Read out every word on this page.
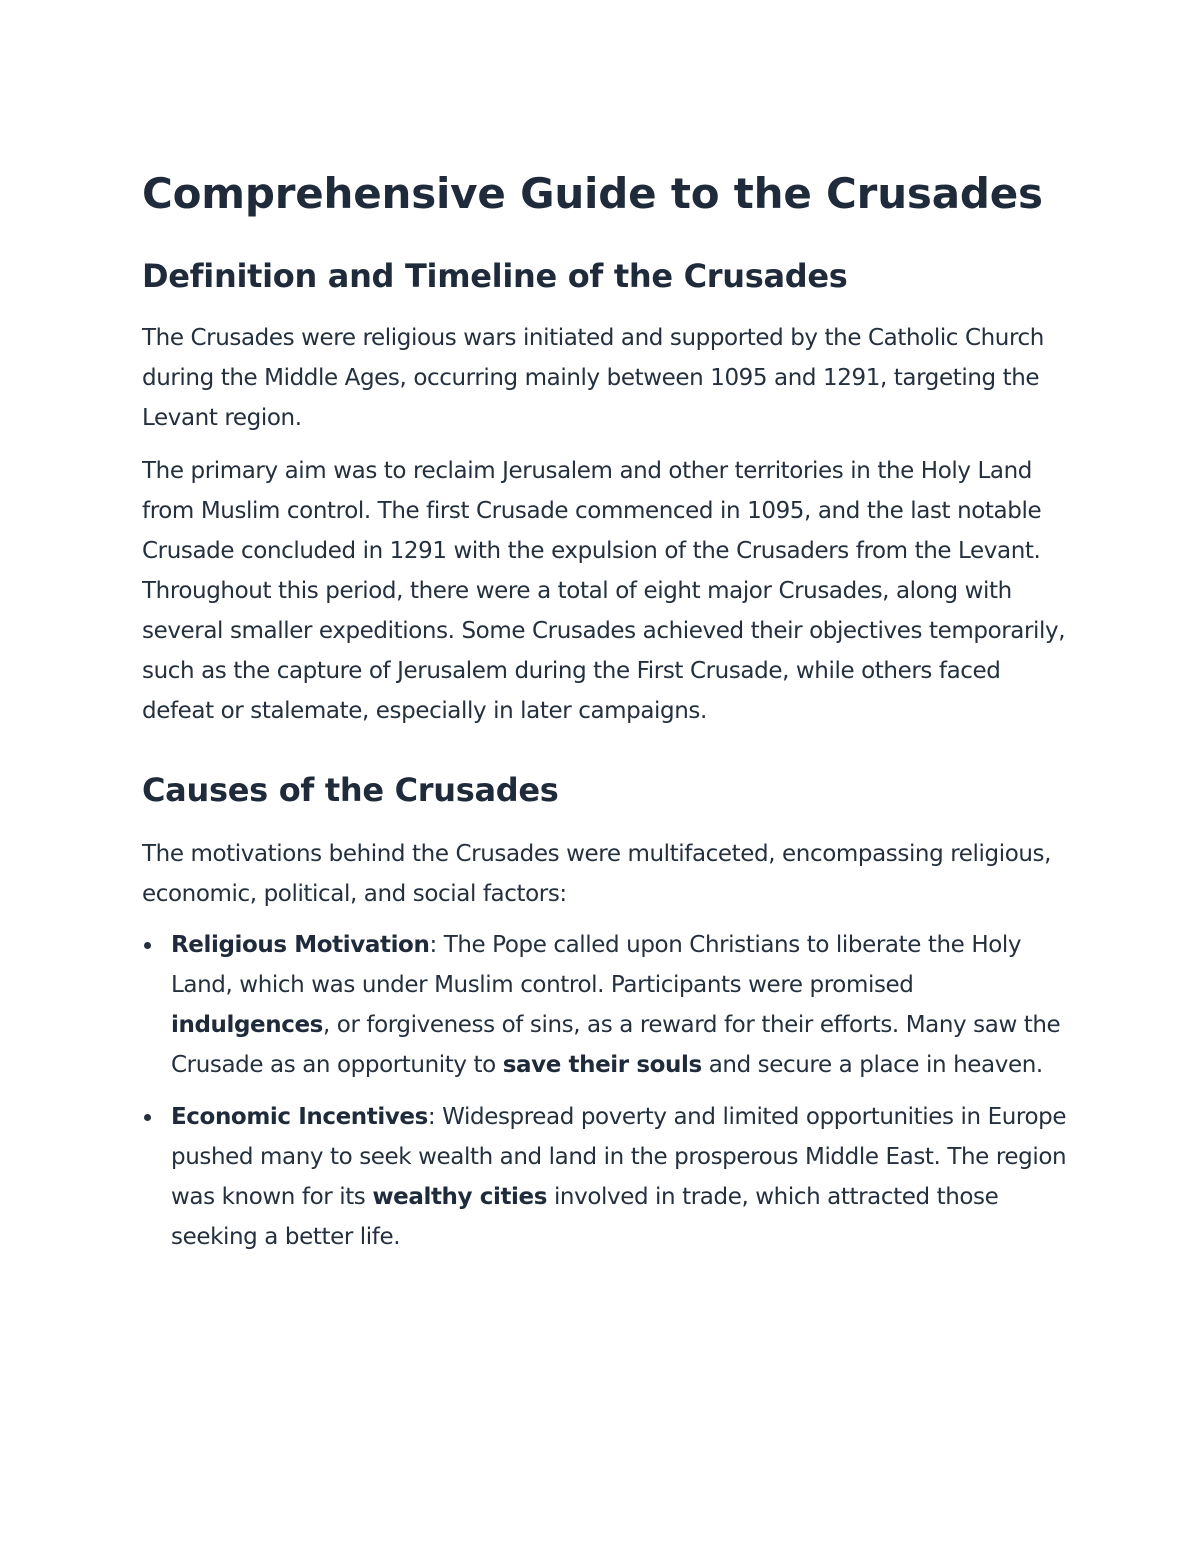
Comprehensive Guide to the Crusades
Definition and Timeline of the Crusades

The Crusades were religious wars initiated and supported by the Catholic Church during the Middle Ages, occurring mainly between 1095 and 1291, targeting the Levant region.

The primary aim was to reclaim Jerusalem and other territories in the Holy Land from Muslim control. The first Crusade commenced in 1095, and the last notable Crusade concluded in 1291 with the expulsion of the Crusaders from the Levant. Throughout this period, there were a total of eight major Crusades, along with several smaller expeditions. Some Crusades achieved their objectives temporarily, such as the capture of Jerusalem during the First Crusade, while others faced defeat or stalemate, especially in later campaigns.

Causes of the Crusades

The motivations behind the Crusades were multifaceted, encompassing religious, economic, political, and social factors:

Religious Motivation: The Pope called upon Christians to liberate the Holy Land, which was under Muslim control. Participants were promised indulgences, or forgiveness of sins, as a reward for their efforts. Many saw the Crusade as an opportunity to save their souls and secure a place in heaven.
Economic Incentives: Widespread poverty and limited opportunities in Europe pushed many to seek wealth and land in the prosperous Middle East. The region was known for its wealthy cities involved in trade, which attracted those seeking a better life.
